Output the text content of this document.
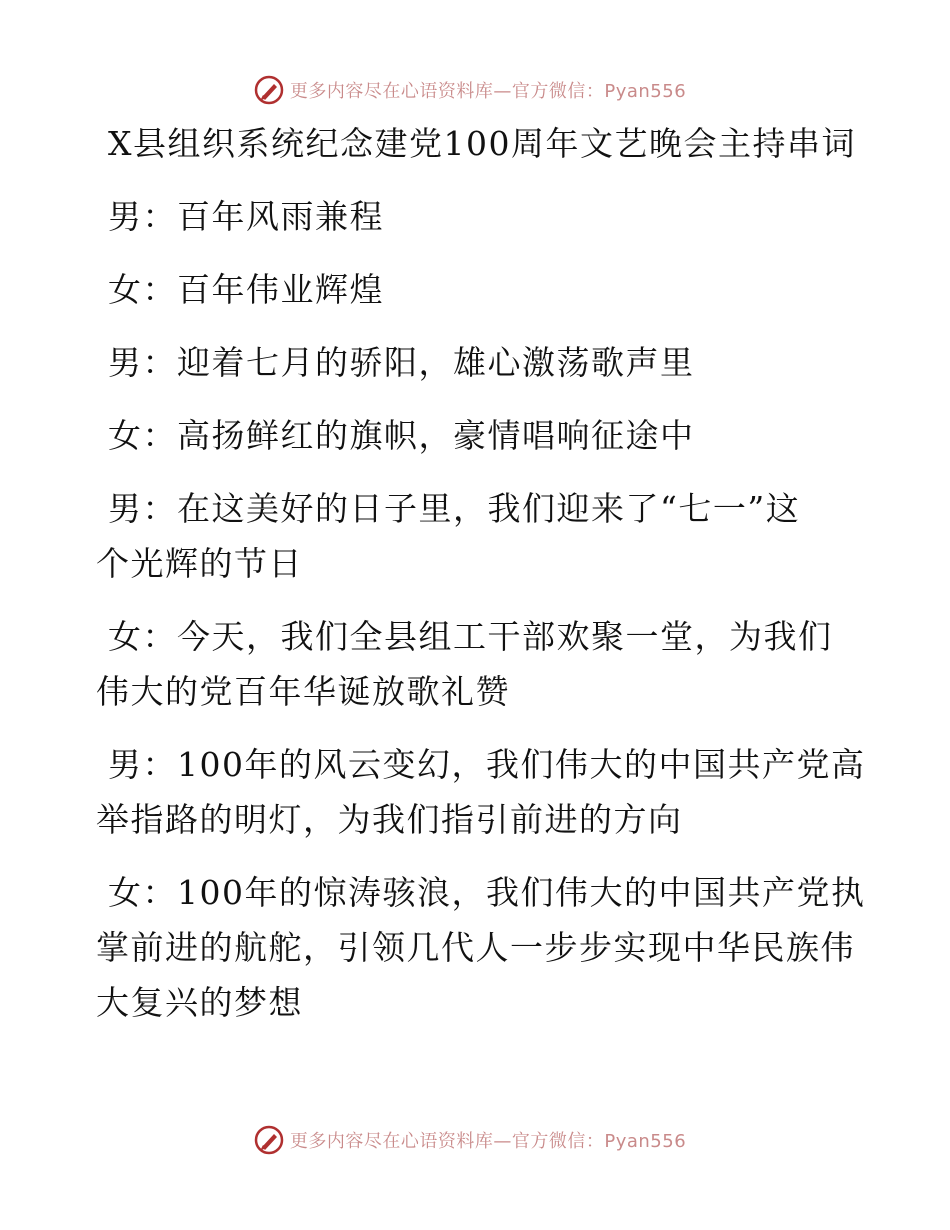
更多内容尽在心语资料库—官方微信：Pyan556

X县组织系统纪念建党100周年文艺晚会主持串词

男：百年风雨兼程

女：百年伟业辉煌

男：迎着七月的骄阳，雄心激荡歌声里

女：高扬鲜红的旗帜，豪情唱响征途中

男：在这美好的日子里，我们迎来了“七一”这

个光辉的节日

女：今天，我们全县组工干部欢聚一堂，为我们

伟大的党百年华诞放歌礼赞

男：100年的风云变幻，我们伟大的中国共产党高

举指路的明灯，为我们指引前进的方向

女：100年的惊涛骇浪，我们伟大的中国共产党执

掌前进的航舵，引领几代人一步步实现中华民族伟

大复兴的梦想

更多内容尽在心语资料库—官方微信：Pyan556
